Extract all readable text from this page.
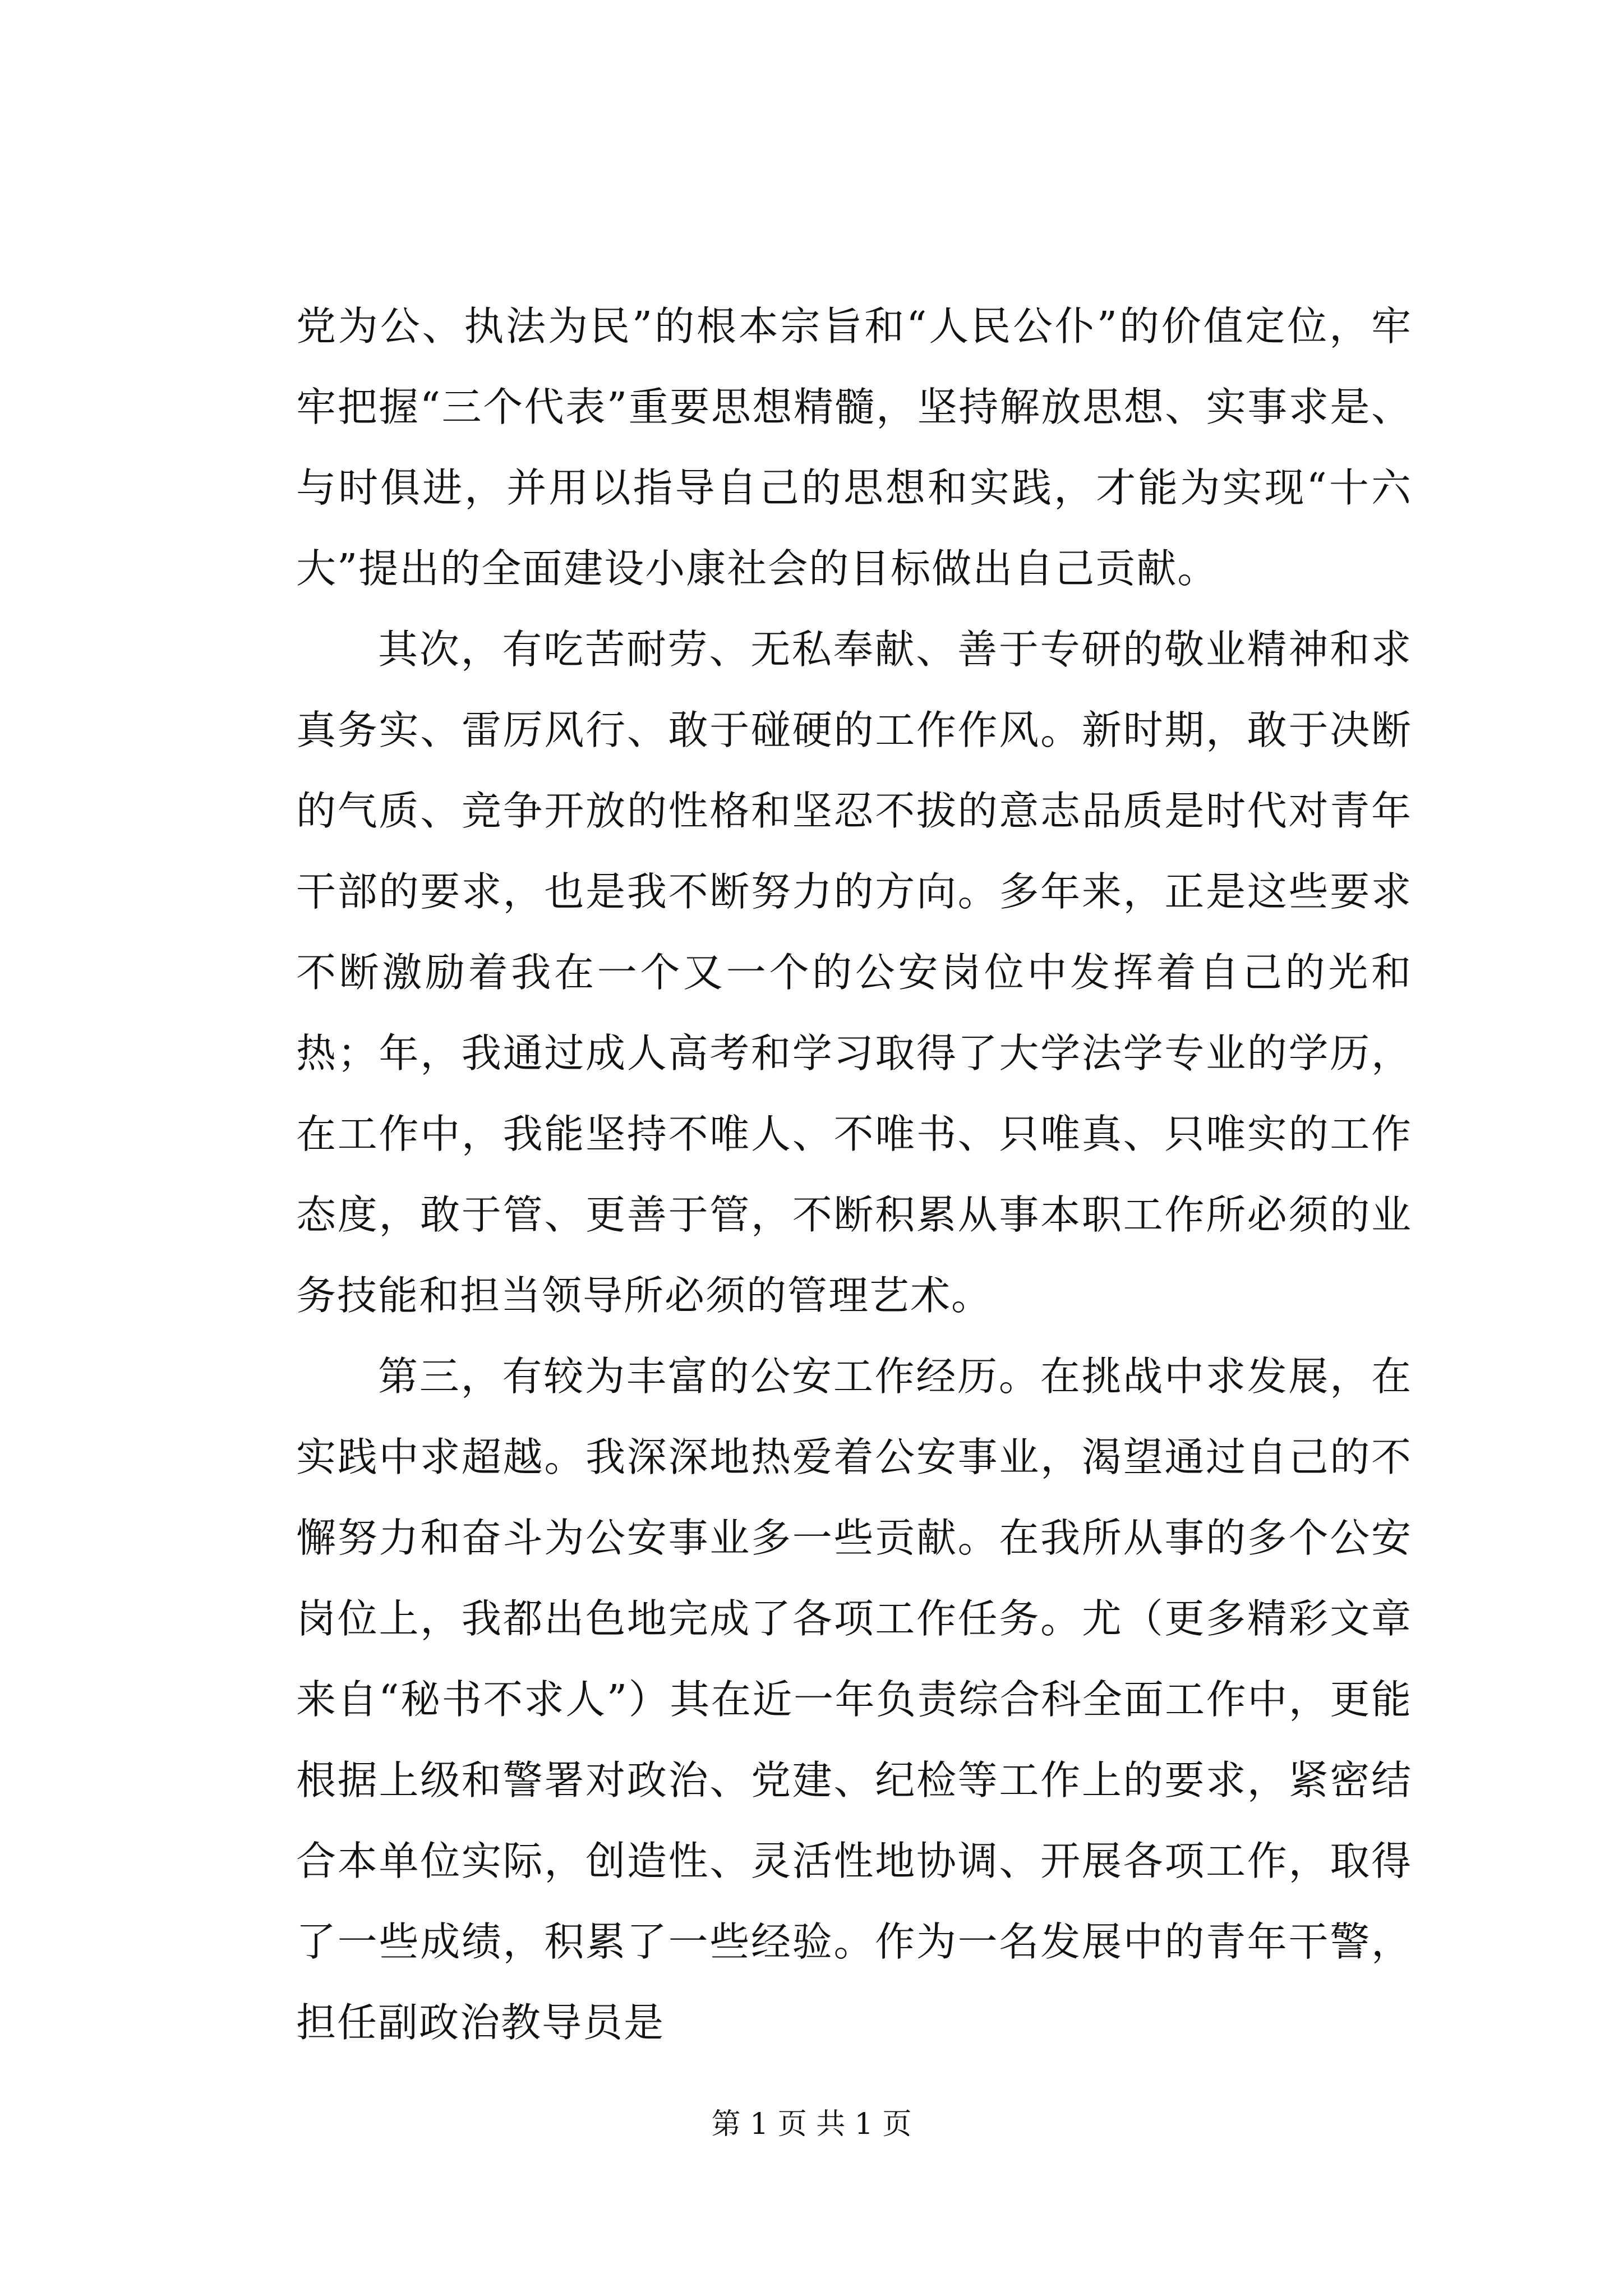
党为公、执法为民”的根本宗旨和“人民公仆”的价值定位，牢牢把握“三个代表”重要思想精髓，坚持解放思想、实事求是、与时俱进，并用以指导自己的思想和实践，才能为实现“十六大”提出的全面建设小康社会的目标做出自己贡献。

其次，有吃苦耐劳、无私奉献、善于专研的敬业精神和求真务实、雷厉风行、敢于碰硬的工作作风。新时期，敢于决断的气质、竞争开放的性格和坚忍不拔的意志品质是时代对青年干部的要求，也是我不断努力的方向。多年来，正是这些要求不断激励着我在一个又一个的公安岗位中发挥着自己的光和热；年，我通过成人高考和学习取得了大学法学专业的学历，在工作中，我能坚持不唯人、不唯书、只唯真、只唯实的工作态度，敢于管、更善于管，不断积累从事本职工作所必须的业务技能和担当领导所必须的管理艺术。

第三，有较为丰富的公安工作经历。在挑战中求发展，在实践中求超越。我深深地热爱着公安事业，渴望通过自己的不懈努力和奋斗为公安事业多一些贡献。在我所从事的多个公安岗位上，我都出色地完成了各项工作任务。尤（更多精彩文章来自“秘书不求人”）其在近一年负责综合科全面工作中，更能根据上级和警署对政治、党建、纪检等工作上的要求，紧密结合本单位实际，创造性、灵活性地协调、开展各项工作，取得了一些成绩，积累了一些经验。作为一名发展中的青年干警，担任副政治教导员是

第 1 页 共 1 页
